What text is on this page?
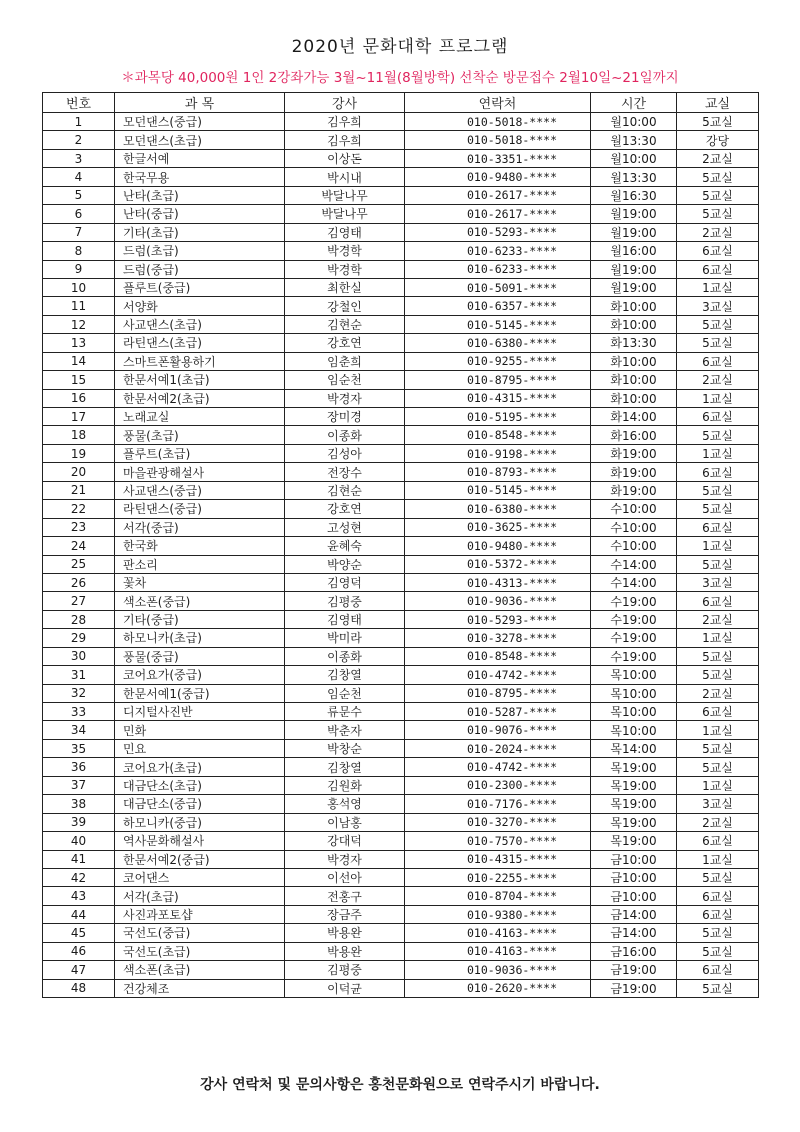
2020년 문화대학 프로그램
＊과목당 40,000원 1인 2강좌가능 3월~11월(8월방학) 선착순 방문접수 2월10일~21일까지
번호	과 목	강사	연락처	시간	교실
1	모던댄스(중급)	김우희	010-5018-****	월10:00	5교실
2	모던댄스(초급)	김우희	010-5018-****	월13:30	강당
3	한글서예	이상돈	010-3351-****	월10:00	2교실
4	한국무용	박시내	010-9480-****	월13:30	5교실
5	난타(초급)	박달나무	010-2617-****	월16:30	5교실
6	난타(중급)	박달나무	010-2617-****	월19:00	5교실
7	기타(초급)	김영태	010-5293-****	월19:00	2교실
8	드럼(초급)	박경학	010-6233-****	월16:00	6교실
9	드럼(중급)	박경학	010-6233-****	월19:00	6교실
10	플루트(중급)	최한실	010-5091-****	월19:00	1교실
11	서양화	강철인	010-6357-****	화10:00	3교실
12	사교댄스(초급)	김현순	010-5145-****	화10:00	5교실
13	라틴댄스(초급)	강호연	010-6380-****	화13:30	5교실
14	스마트폰활용하기	임춘희	010-9255-****	화10:00	6교실
15	한문서예1(초급)	임순천	010-8795-****	화10:00	2교실
16	한문서예2(초급)	박경자	010-4315-****	화10:00	1교실
17	노래교실	장미경	010-5195-****	화14:00	6교실
18	풍물(초급)	이종화	010-8548-****	화16:00	5교실
19	플루트(초급)	김성아	010-9198-****	화19:00	1교실
20	마을관광해설사	전장수	010-8793-****	화19:00	6교실
21	사교댄스(중급)	김현순	010-5145-****	화19:00	5교실
22	라틴댄스(중급)	강호연	010-6380-****	수10:00	5교실
23	서각(중급)	고성현	010-3625-****	수10:00	6교실
24	한국화	윤혜숙	010-9480-****	수10:00	1교실
25	판소리	박양순	010-5372-****	수14:00	5교실
26	꽃차	김영덕	010-4313-****	수14:00	3교실
27	색소폰(중급)	김평중	010-9036-****	수19:00	6교실
28	기타(중급)	김영태	010-5293-****	수19:00	2교실
29	하모니카(초급)	박미라	010-3278-****	수19:00	1교실
30	풍물(중급)	이종화	010-8548-****	수19:00	5교실
31	코어요가(중급)	김창열	010-4742-****	목10:00	5교실
32	한문서예1(중급)	임순천	010-8795-****	목10:00	2교실
33	디지털사진반	류문수	010-5287-****	목10:00	6교실
34	민화	박춘자	010-9076-****	목10:00	1교실
35	민요	박창순	010-2024-****	목14:00	5교실
36	코어요가(초급)	김창열	010-4742-****	목19:00	5교실
37	대금단소(초급)	김원화	010-2300-****	목19:00	1교실
38	대금단소(중급)	홍석영	010-7176-****	목19:00	3교실
39	하모니카(중급)	이남홍	010-3270-****	목19:00	2교실
40	역사문화해설사	강대덕	010-7570-****	목19:00	6교실
41	한문서예2(중급)	박경자	010-4315-****	금10:00	1교실
42	코어댄스	이선아	010-2255-****	금10:00	5교실
43	서각(초급)	전홍구	010-8704-****	금10:00	6교실
44	사진과포토샵	장금주	010-9380-****	금14:00	6교실
45	국선도(중급)	박용완	010-4163-****	금14:00	5교실
46	국선도(초급)	박용완	010-4163-****	금16:00	5교실
47	색소폰(초급)	김평중	010-9036-****	금19:00	6교실
48	건강체조	이덕균	010-2620-****	금19:00	5교실
강사 연락처 및 문의사항은 홍천문화원으로 연락주시기 바랍니다.
